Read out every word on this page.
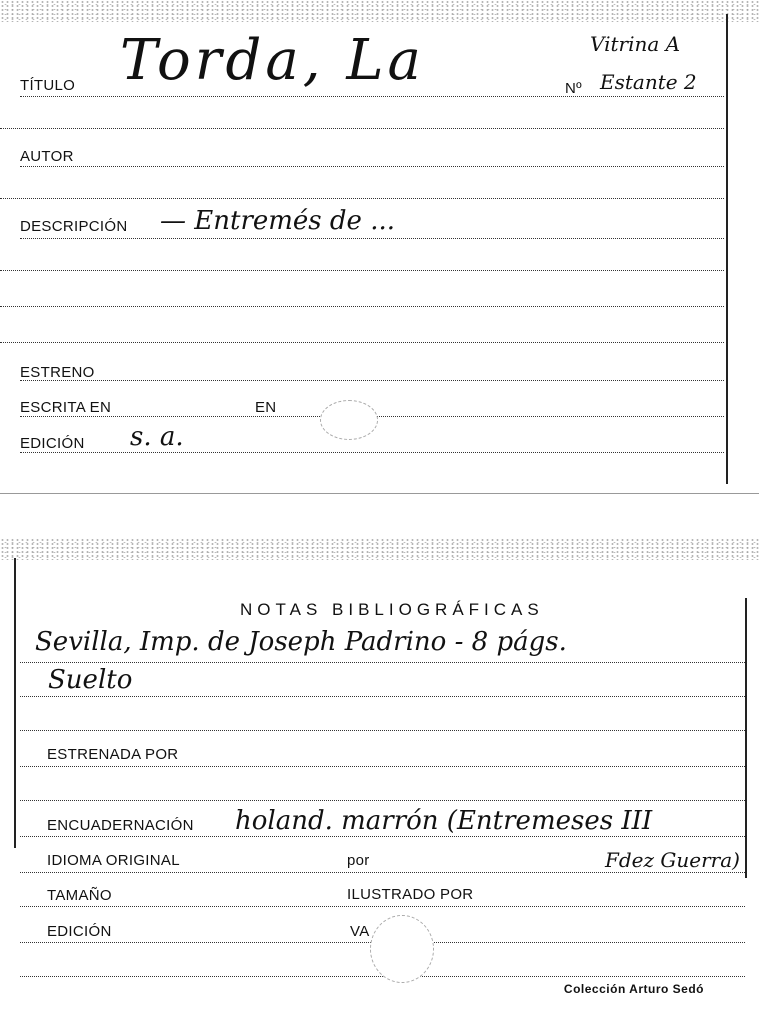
TÍTULO Torda, La	Vitrina A
Nº Estante 2
AUTOR
DESCRIPCIÓN — Entremés de ...
ESTRENO
ESCRITA EN	EN
EDICIÓN s. a.
NOTAS BIBLIOGRÁFICAS
Sevilla, Imp. de Joseph Padrino - 8 págs.
Suelto
ESTRENADA POR
ENCUADERNACIÓN holand. marrón (Entremeses III
IDIOMA ORIGINAL	por	Fdez Guerra)
TAMAÑO	ILUSTRADO POR
EDICIÓN	VA
Colección Arturo Sedó
